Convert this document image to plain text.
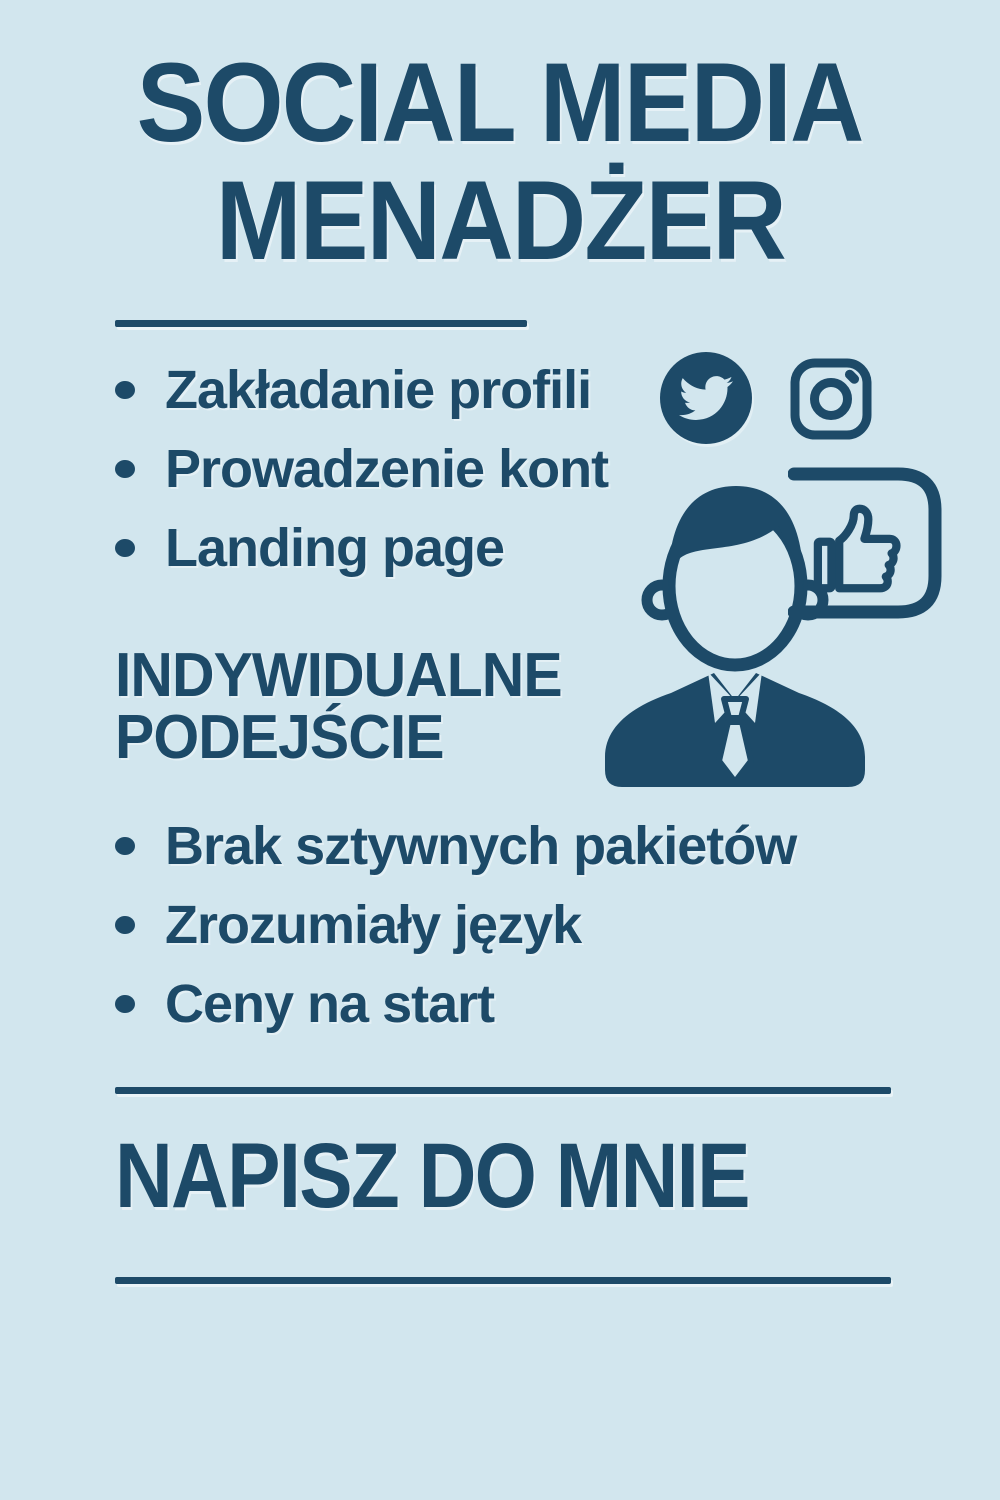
SOCIAL MEDIA
MENADŻER
Zakładanie profili
Prowadzenie kont
Landing page
INDYWIDUALNE
PODEJŚCIE
Brak sztywnych pakietów
Zrozumiały język
Ceny na start
NAPISZ DO MNIE
